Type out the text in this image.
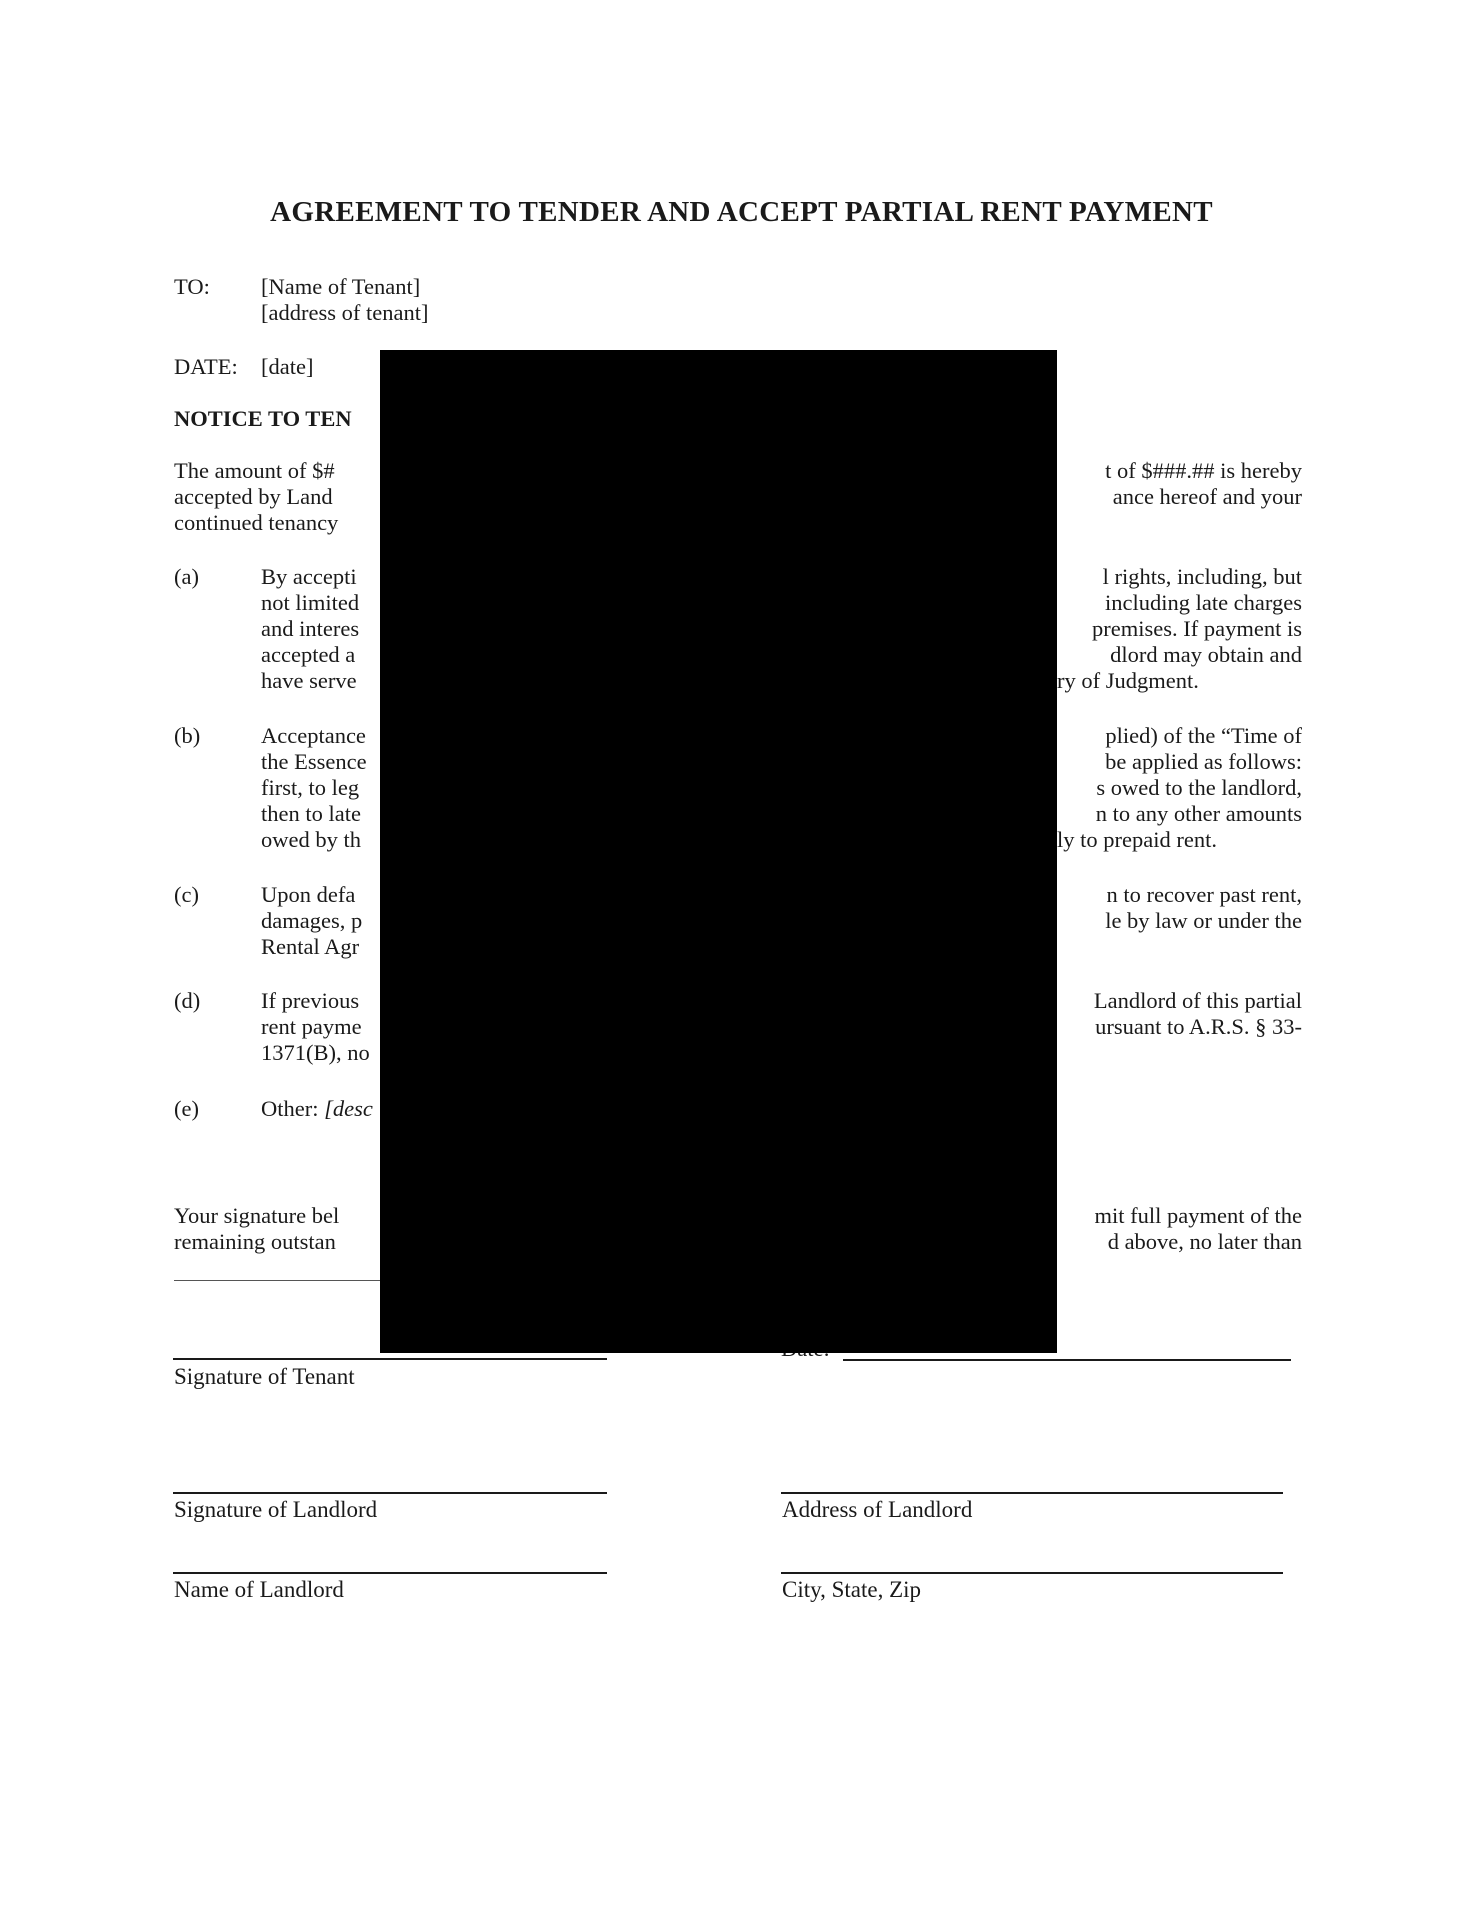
AGREEMENT TO TENDER AND ACCEPT PARTIAL RENT PAYMENT
TO: [Name of Tenant]
[address of tenant]
DATE: [date]
NOTICE TO TEN
The amount of $#
accepted by Land
continued tenancy
t of $###.## is hereby
ance hereof and your
(a)	By accepti
not limited
and interes
accepted a
have serve
l rights, including, but
including late charges
premises. If payment is
dlord may obtain and
ry of Judgment.
(b)	Acceptance
the Essence
first, to leg
then to late
owed by th
plied) of the “Time of
be applied as follows:
s owed to the landlord,
n to any other amounts
ly to prepaid rent.
(c)	Upon defa
damages, p
Rental Agr
n to recover past rent,
le by law or under the
(d)	If previous
rent payme
1371(B), no
Landlord of this partial
ursuant to A.R.S. § 33-
(e)	Other: [desc
Your signature bel
remaining outstan
mit full payment of the
d above, no later than
Signature of Tenant
Signature of Landlord	Address of Landlord
Name of Landlord	City, State, Zip
